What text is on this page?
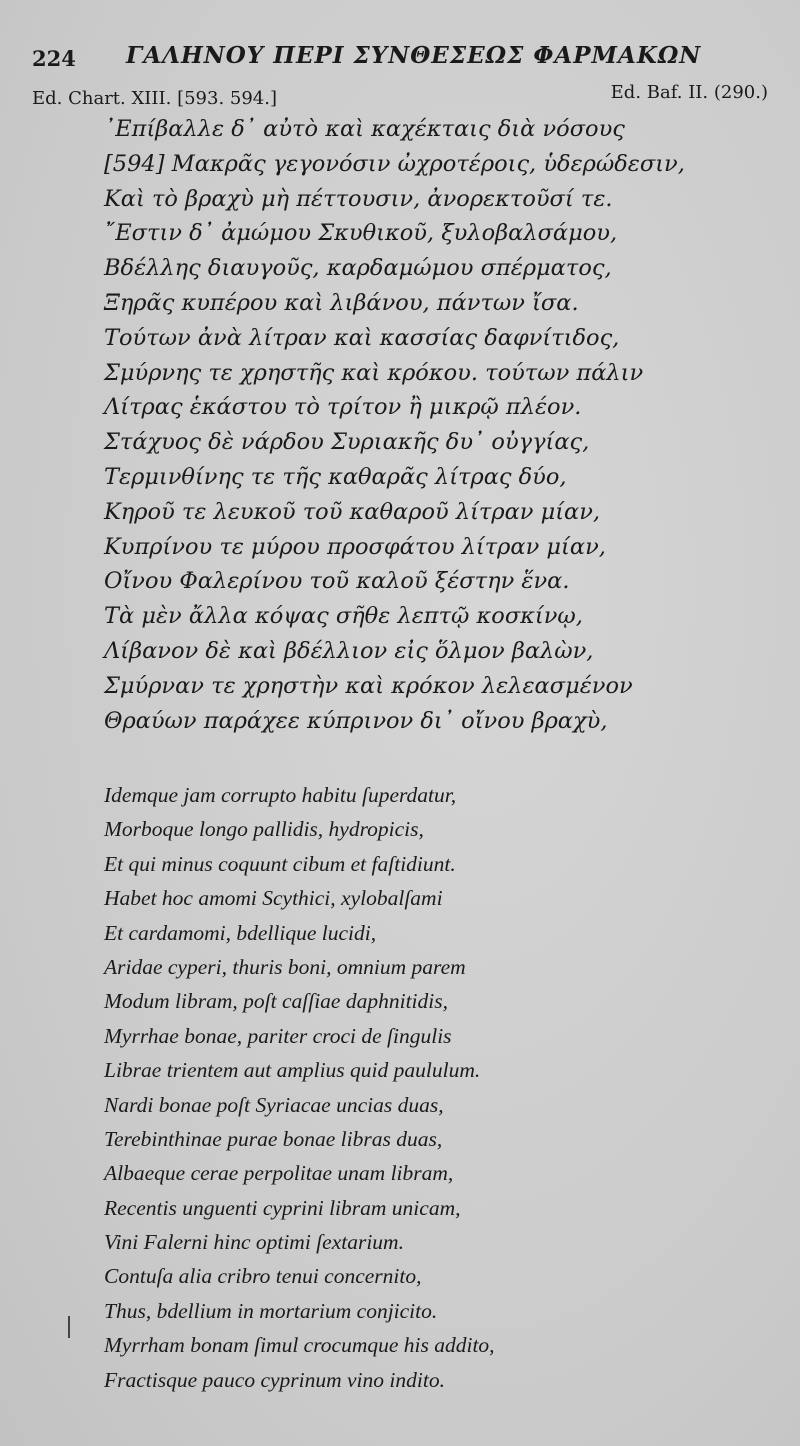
224 ΓΑΛΗΝΟΥ ΠΕΡΙ ΣΥΝΘΕΣΕΩΣ ΦΑΡΜΑΚΩΝ
Ed. Chart. XIII. [593. 594.]	Ed. Baf. II. (290.)
᾿Επίβαλλε δ᾿ αὐτὸ καὶ καχέκταις διὰ νόσους
[594] Μακρᾶς γεγονόσιν ὠχροτέροις, ὑδερώδεσιν,
Καὶ τὸ βραχὺ μὴ πέττουσιν, ἀνορεκτοῦσί τε.
῎Εστιν δ᾿ ἀμώμου Σκυθικοῦ, ξυλοβαλσάμου,
Βδέλλης διαυγοῦς, καρδαμώμου σπέρματος,
Ξηρᾶς κυπέρου καὶ λιβάνου, πάντων ἴσα.
Τούτων ἀνὰ λίτραν καὶ κασσίας δαφνίτιδος,
Σμύρνης τε χρηστῆς καὶ κρόκου. τούτων πάλιν
Λίτρας ἑκάστου τὸ τρίτον ἢ μικρῷ πλέον.
Στάχυος δὲ νάρδου Συριακῆς δυ᾿ οὐγγίας,
Τερμινθίνης τε τῆς καθαρᾶς λίτρας δύο,
Κηροῦ τε λευκοῦ τοῦ καθαροῦ λίτραν μίαν,
Κυπρίνου τε μύρου προσφάτου λίτραν μίαν,
Οἴνου Φαλερίνου τοῦ καλοῦ ξέστην ἕνα.
Τὰ μὲν ἄλλα κόψας σῆθε λεπτῷ κοσκίνῳ,
Λίβανον δὲ καὶ βδέλλιον εἰς ὅλμον βαλὼν,
Σμύρναν τε χρηστὴν καὶ κρόκον λελεασμένον
Θραύων παράχεε κύπρινον δι᾿ οἴνου βραχὺ,
Idemque jam corrupto habitu ſuperdatur,
Morboque longo pallidis, hydropicis,
Et qui minus coquunt cibum et faſtidiunt.
Habet hoc amomi Scythici, xylobalſami
Et cardamomi, bdellique lucidi,
Aridae cyperi, thuris boni, omnium parem
Modum libram, poſt caſſiae daphnitidis,
Myrrhae bonae, pariter croci de ſingulis
Librae trientem aut amplius quid paululum.
Nardi bonae poſt Syriacae uncias duas,
Terebinthinae purae bonae libras duas,
Albaeque cerae perpolitae unam libram,
Recentis unguenti cyprini libram unicam,
Vini Falerni hinc optimi ſextarium.
Contuſa alia cribro tenui concernito,
Thus, bdellium in mortarium conjicito.
Myrrham bonam ſimul crocumque his addito,
Fractisque pauco cyprinum vino indito.
